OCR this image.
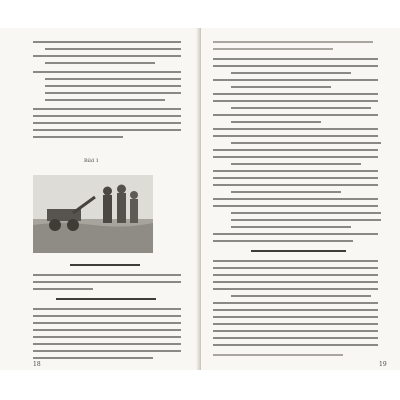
Bild 1
18	19
